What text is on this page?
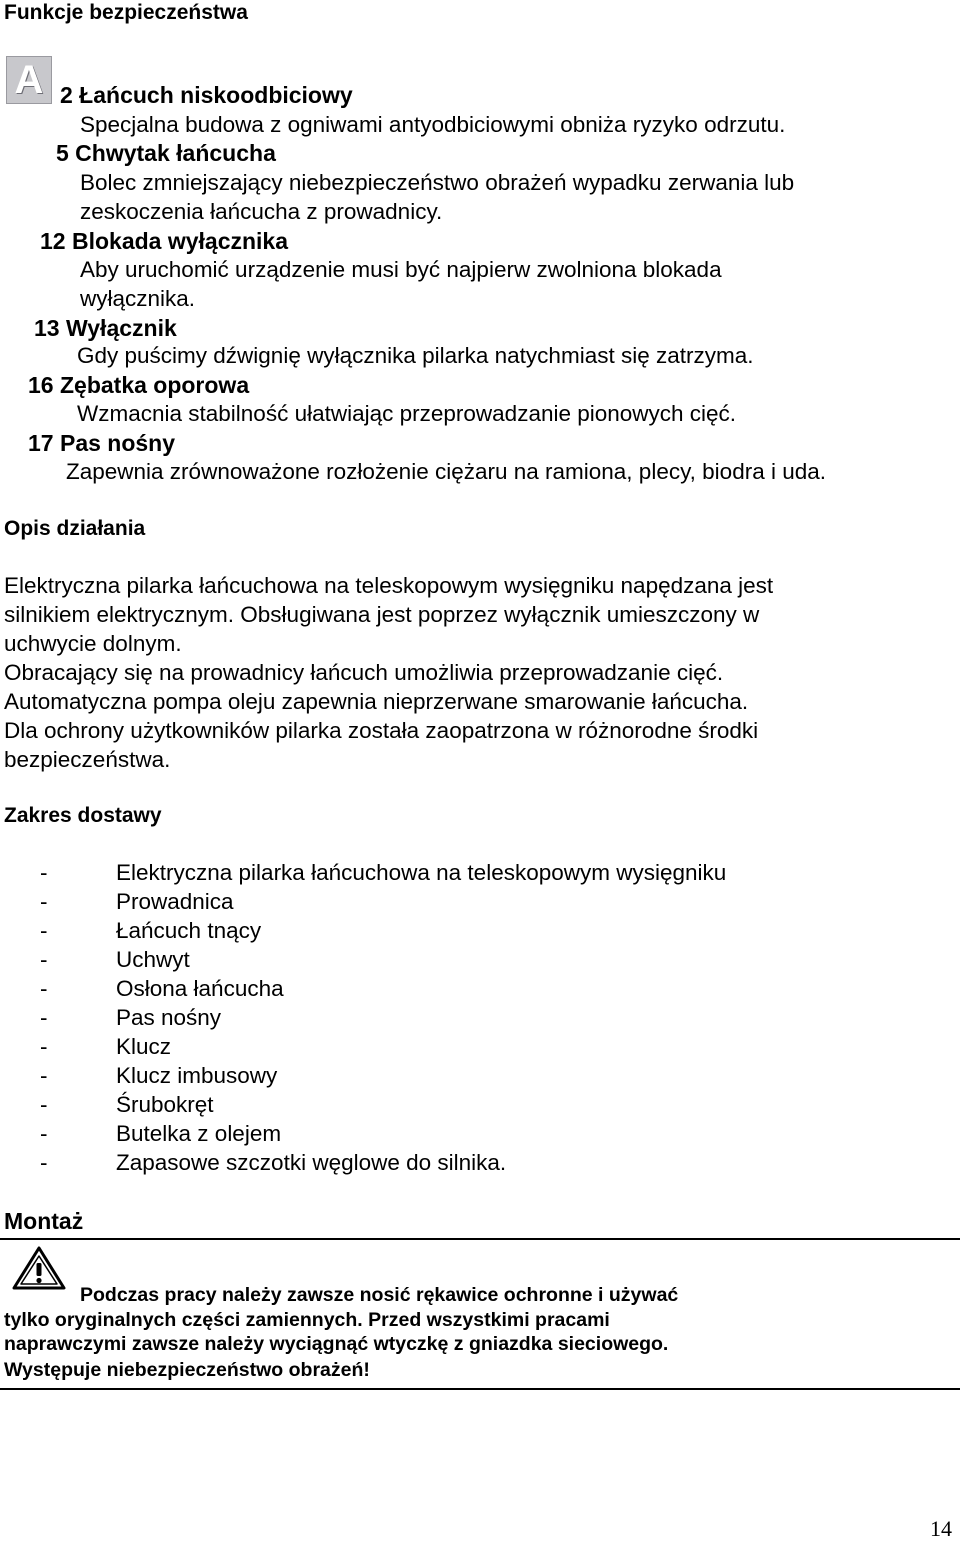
Funkcje bezpieczeństwa
A 2 Łańcuch niskoodbiciowy
Specjalna budowa z ogniwami antyodbiciowymi obniża ryzyko odrzutu.
5 Chwytak łańcucha
Bolec zmniejszający niebezpieczeństwo obrażeń wypadku zerwania lub
zeskoczenia łańcucha z prowadnicy.
12 Blokada wyłącznika
Aby uruchomić urządzenie musi być najpierw zwolniona blokada
wyłącznika.
13 Wyłącznik
Gdy puścimy dźwignię wyłącznika pilarka natychmiast się zatrzyma.
16 Zębatka oporowa
Wzmacnia stabilność ułatwiając przeprowadzanie pionowych cięć.
17 Pas nośny
Zapewnia zrównoważone rozłożenie ciężaru na ramiona, plecy, biodra i uda.
Opis działania
Elektryczna pilarka łańcuchowa na teleskopowym wysięgniku napędzana jest
silnikiem elektrycznym. Obsługiwana jest poprzez wyłącznik umieszczony w
uchwycie dolnym.
Obracający się na prowadnicy łańcuch umożliwia przeprowadzanie cięć.
Automatyczna pompa oleju zapewnia nieprzerwane smarowanie łańcucha.
Dla ochrony użytkowników pilarka została zaopatrzona w różnorodne środki
bezpieczeństwa.
Zakres dostawy
-	Elektryczna pilarka łańcuchowa na teleskopowym wysięgniku
-	Prowadnica
-	Łańcuch tnący
-	Uchwyt
-	Osłona łańcucha
-	Pas nośny
-	Klucz
-	Klucz imbusowy
-	Śrubokręt
-	Butelka z olejem
-	Zapasowe szczotki węglowe do silnika.
Montaż
Podczas pracy należy zawsze nosić rękawice ochronne i używać
tylko oryginalnych części zamiennych. Przed wszystkimi pracami
naprawczymi zawsze należy wyciągnąć wtyczkę z gniazdka sieciowego.
Występuje niebezpieczeństwo obrażeń!
14
